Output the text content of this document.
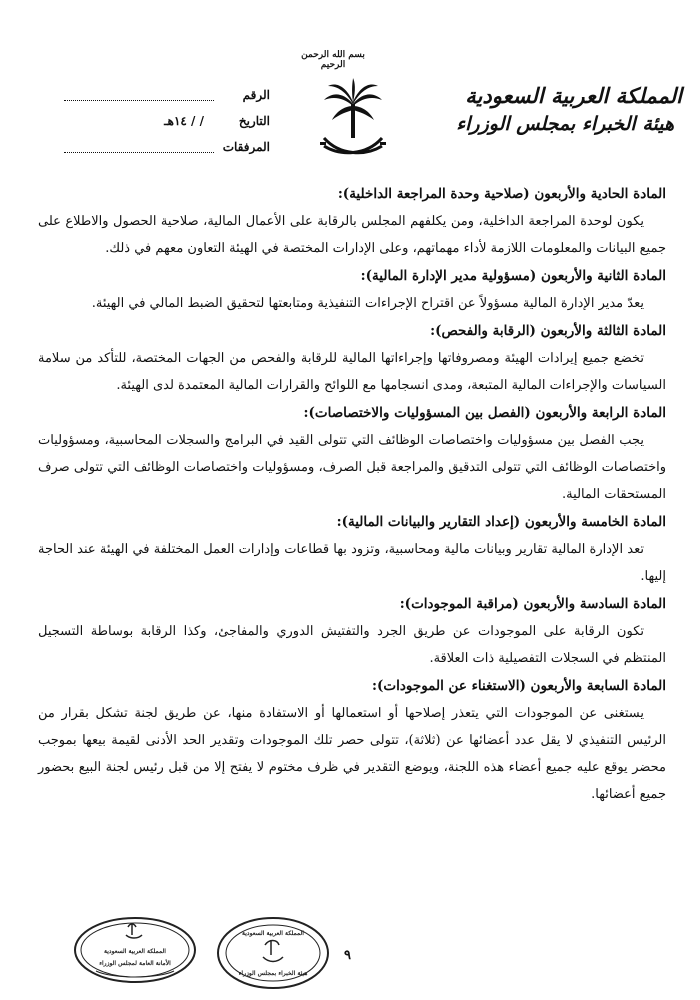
بسم الله الرحمن الرحيم
المملكة العربية السعودية
هيئة الخبراء بمجلس الوزراء
الرقم
التاريخ
/ / ١٤هـ
المرفقات
المادة الحادية والأربعون (صلاحية وحدة المراجعة الداخلية):

يكون لوحدة المراجعة الداخلية، ومن يكلفهم المجلس بالرقابة على الأعمال المالية، صلاحية الحصول والاطلاع على جميع البيانات والمعلومات اللازمة لأداء مهماتهم، وعلى الإدارات المختصة في الهيئة التعاون معهم في ذلك.

المادة الثانية والأربعون (مسؤولية مدير الإدارة المالية):

يعدّ مدير الإدارة المالية مسؤولاً عن اقتراح الإجراءات التنفيذية ومتابعتها لتحقيق الضبط المالي في الهيئة.

المادة الثالثة والأربعون (الرقابة والفحص):

تخضع جميع إيرادات الهيئة ومصروفاتها وإجراءاتها المالية للرقابة والفحص من الجهات المختصة، للتأكد من سلامة السياسات والإجراءات المالية المتبعة، ومدى انسجامها مع اللوائح والقرارات المالية المعتمدة لدى الهيئة.

المادة الرابعة والأربعون (الفصل بين المسؤوليات والاختصاصات):

يجب الفصل بين مسؤوليات واختصاصات الوظائف التي تتولى القيد في البرامج والسجلات المحاسبية، ومسؤوليات واختصاصات الوظائف التي تتولى التدقيق والمراجعة قبل الصرف، ومسؤوليات واختصاصات الوظائف التي تتولى صرف المستحقات المالية.

المادة الخامسة والأربعون (إعداد التقارير والبيانات المالية):

تعد الإدارة المالية تقارير وبيانات مالية ومحاسبية، وتزود بها قطاعات وإدارات العمل المختلفة في الهيئة عند الحاجة إليها.

المادة السادسة والأربعون (مراقبة الموجودات):

تكون الرقابة على الموجودات عن طريق الجرد والتفتيش الدوري والمفاجئ، وكذا الرقابة بوساطة التسجيل المنتظم في السجلات التفصيلية ذات العلاقة.

المادة السابعة والأربعون (الاستغناء عن الموجودات):

يستغنى عن الموجودات التي يتعذر إصلاحها أو استعمالها أو الاستفادة منها، عن طريق لجنة تشكل بقرار من الرئيس التنفيذي لا يقل عدد أعضائها عن (ثلاثة)، تتولى حصر تلك الموجودات وتقدير الحد الأدنى لقيمة بيعها بموجب محضر يوقع عليه جميع أعضاء هذه اللجنة، ويوضع التقدير في ظرف مختوم لا يفتح إلا من قبل رئيس لجنة البيع بحضور جميع أعضائها.

المملكة العربية السعودية
الأمانة العامة لمجلس الوزراء
المملكة العربية السعودية
هيئة الخبراء بمجلس الوزراء
٩
